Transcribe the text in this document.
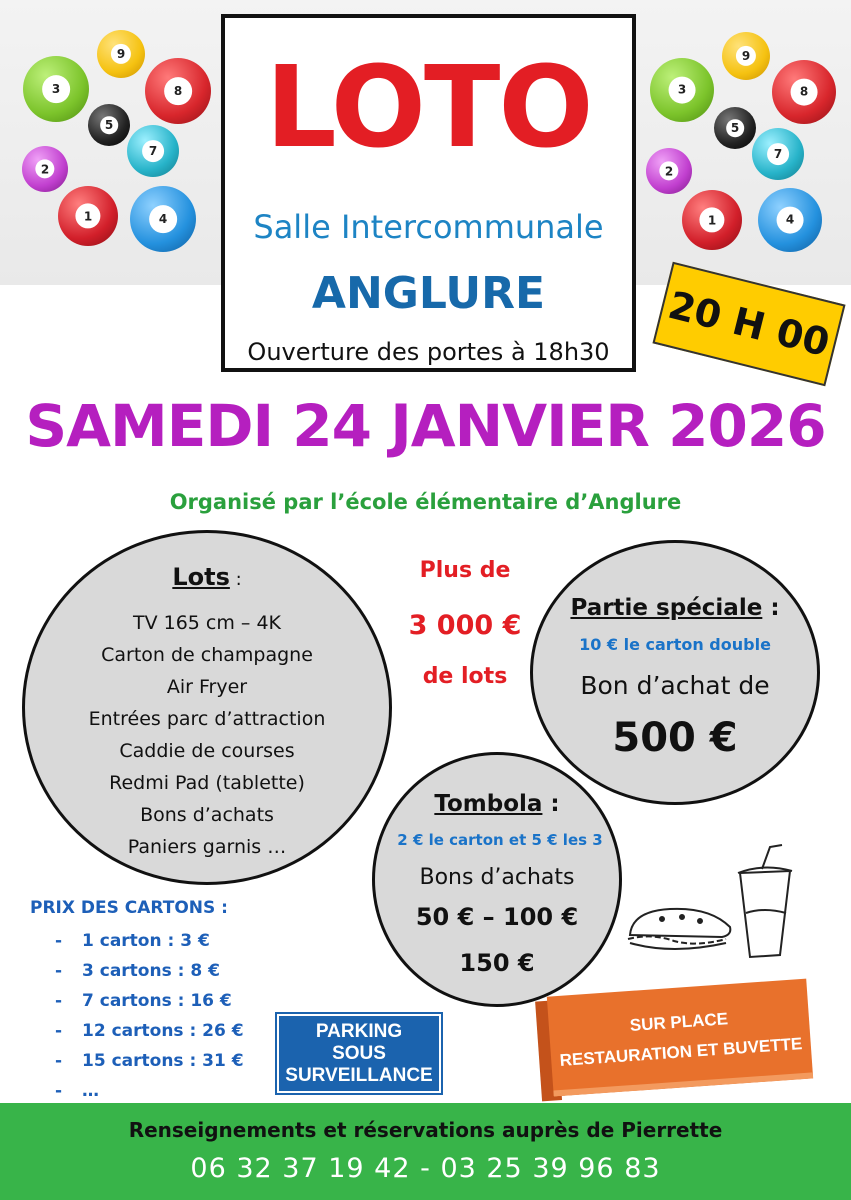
9
3	8
5
7
2
1	4
9
3	8
5
7
2
1	4
LOTO
Salle Intercommunale
ANGLURE
Ouverture des portes à 18h30	20 H 00
SAMEDI 24 JANVIER 2026
Organisé par l’école élémentaire d’Anglure
Lots :
TV 165 cm – 4K
Carton de champagne
Air Fryer
Entrées parc d’attraction
Caddie de courses
Redmi Pad (tablette)
Bons d’achats
Paniers garnis …
Plus de
3 000 €
de lots
Partie spéciale :
10 € le carton double
Bon d’achat de
500 €
Tombola :
2 € le carton et 5 € les 3
Bons d’achats
50 € – 100 €
150 €
PRIX DES CARTONS :
- 1 carton : 3 €
- 3 cartons : 8 €
- 7 cartons : 16 €
- 12 cartons : 26 €
- 15 cartons : 31 €
- …
PARKING
SOUS
SURVEILLANCE
SUR PLACE
RESTAURATION ET BUVETTE
Renseignements et réservations auprès de Pierrette
06 32 37 19 42 - 03 25 39 96 83
